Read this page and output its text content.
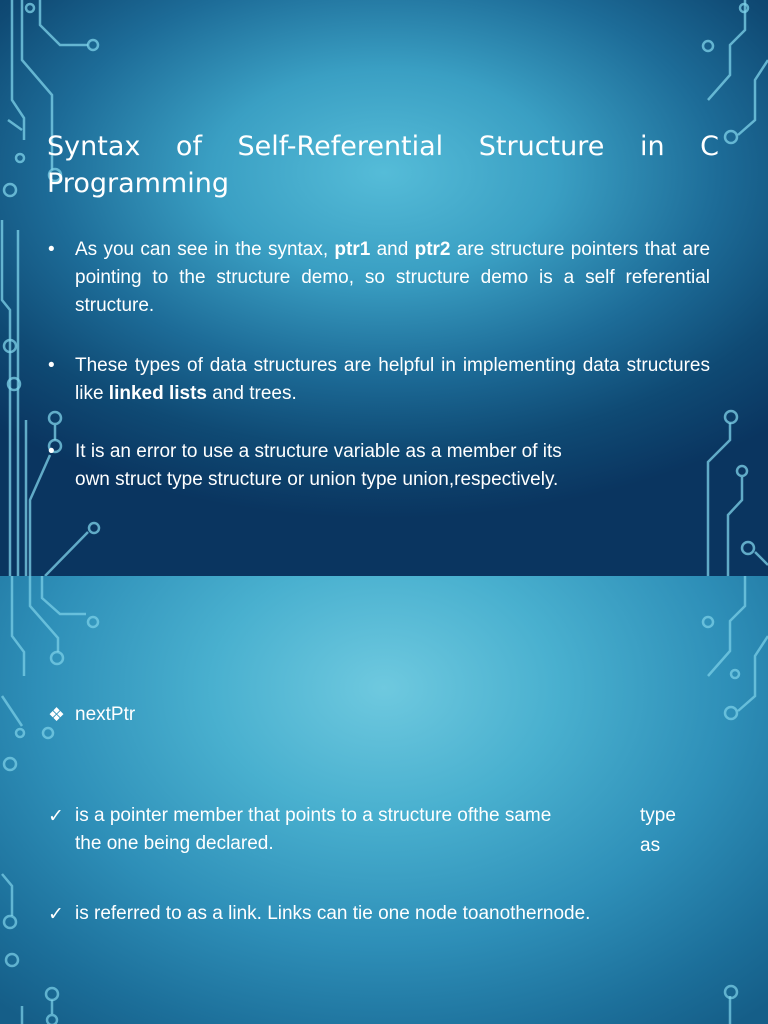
Syntax of Self-Referential Structure in C Programming
•	As you can see in the syntax, ptr1 and ptr2 are structure pointers that are pointing to the structure demo, so structure demo is a self referential structure.
•	These types of data structures are helpful in implementing data structures like linked lists and trees.
•	It is an error to use a structure variable as a member of its
own struct type structure or union type union,respectively.
❖ nextPtr
✓ is a pointer member that points to a structure ofthe same
the one being declared.
type
as
✓ is referred to as a link. Links can tie one node toanothernode.
